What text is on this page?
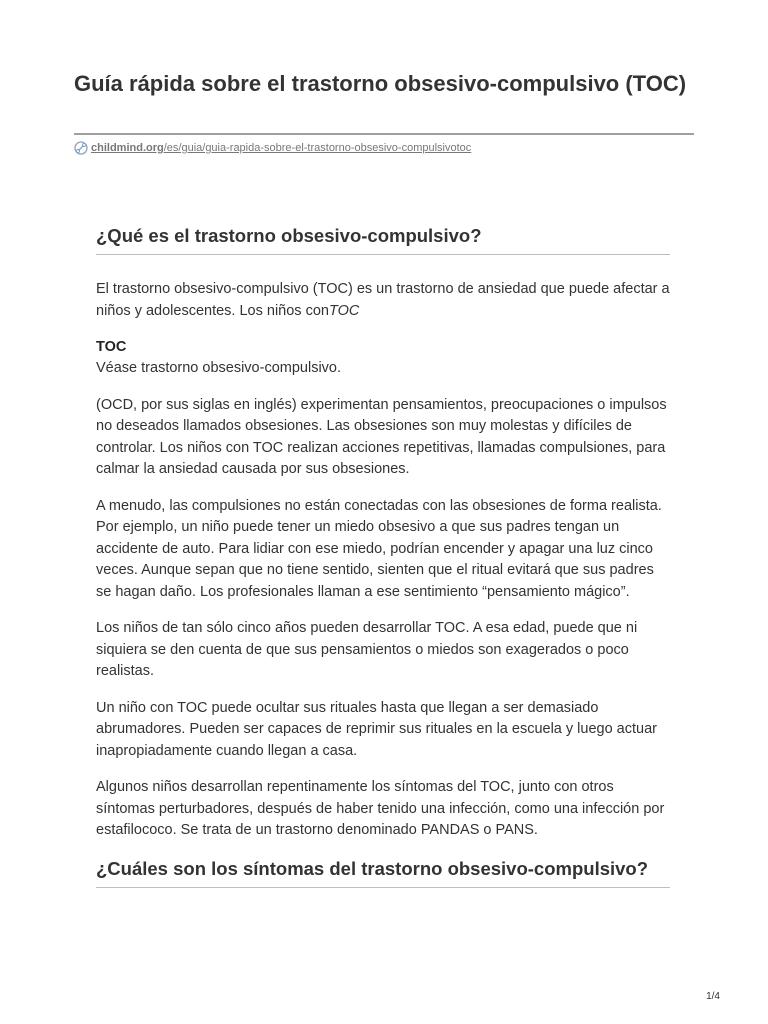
Guía rápida sobre el trastorno obsesivo-compulsivo (TOC)
childmind.org /es/guia/guia-rapida-sobre-el-trastorno-obsesivo-compulsivotoc
¿Qué es el trastorno obsesivo-compulsivo?

El trastorno obsesivo-compulsivo (TOC) es un trastorno de ansiedad que puede afectar a niños y adolescentes. Los niños conTOC

TOC

Véase trastorno obsesivo-compulsivo.

(OCD, por sus siglas en inglés) experimentan pensamientos, preocupaciones o impulsos no deseados llamados obsesiones. Las obsesiones son muy molestas y difíciles de controlar. Los niños con TOC realizan acciones repetitivas, llamadas compulsiones, para calmar la ansiedad causada por sus obsesiones.

A menudo, las compulsiones no están conectadas con las obsesiones de forma realista. Por ejemplo, un niño puede tener un miedo obsesivo a que sus padres tengan un accidente de auto. Para lidiar con ese miedo, podrían encender y apagar una luz cinco veces. Aunque sepan que no tiene sentido, sienten que el ritual evitará que sus padres se hagan daño. Los profesionales llaman a ese sentimiento “pensamiento mágico”.

Los niños de tan sólo cinco años pueden desarrollar TOC. A esa edad, puede que ni siquiera se den cuenta de que sus pensamientos o miedos son exagerados o poco realistas.

Un niño con TOC puede ocultar sus rituales hasta que llegan a ser demasiado abrumadores. Pueden ser capaces de reprimir sus rituales en la escuela y luego actuar inapropiadamente cuando llegan a casa.

Algunos niños desarrollan repentinamente los síntomas del TOC, junto con otros síntomas perturbadores, después de haber tenido una infección, como una infección por estafilococo. Se trata de un trastorno denominado PANDAS o PANS.

¿Cuáles son los síntomas del trastorno obsesivo-compulsivo?
1/4
